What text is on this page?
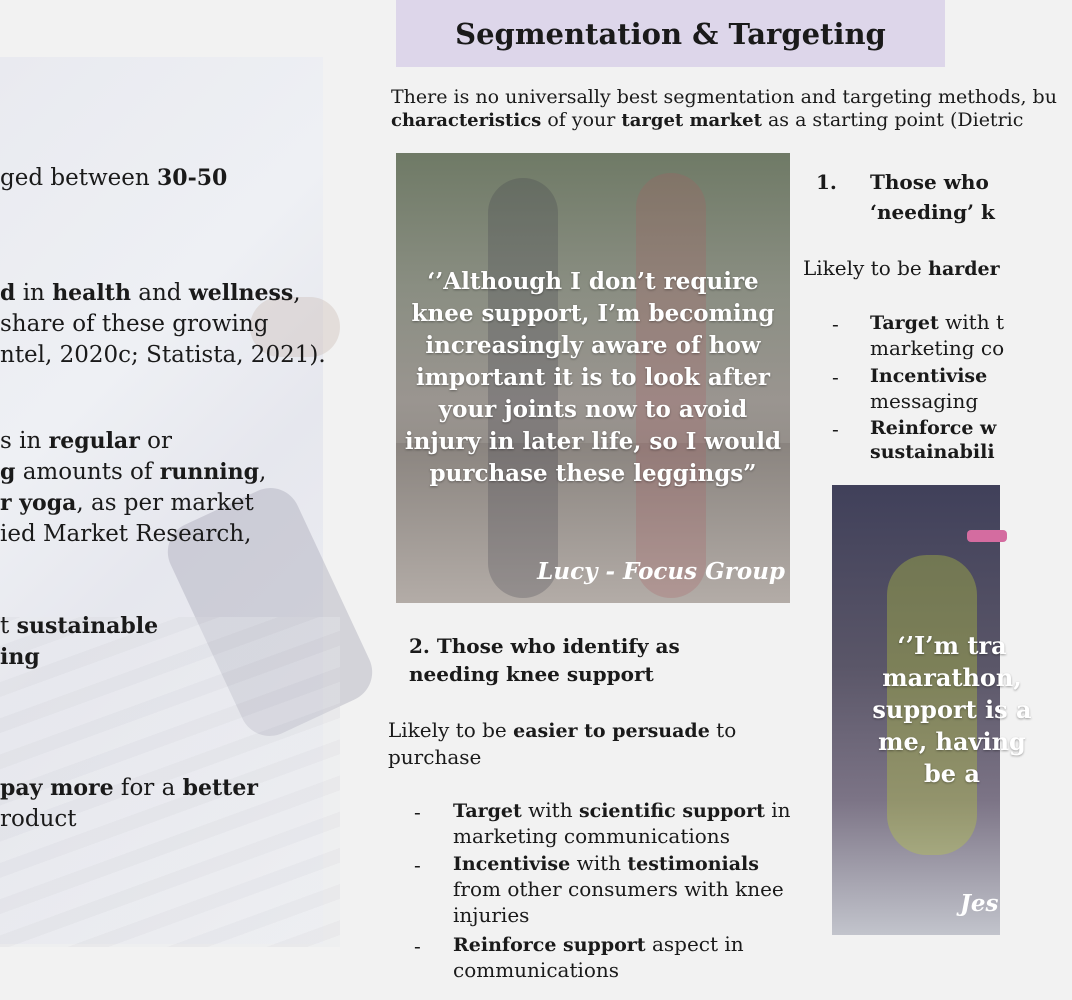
ged between 30-50
d in health and wellness,
share of these growing
ntel, 2020c; Statista, 2021).
s in regular or
g amounts of running,
r yoga, as per market
ied Market Research,
t sustainable
ing
pay more for a better
roduct
Segmentation & Targeting
There is no universally best segmentation and targeting methods, bu
characteristics of your target market as a starting point (Dietric
‘’Although I don’t require
knee support, I’m becoming
increasingly aware of how
important it is to look after
your joints now to avoid
injury in later life, so I would
purchase these leggings”
Lucy - Focus Group
1. Those who
‘needing’ k
Likely to be harder
- Target with t
marketing co
- Incentivise
messaging
- Reinforce w
sustainabili
2. Those who identify as
needing knee support
Likely to be easier to persuade to
purchase
- Target with scientific support in
marketing communications
- Incentivise with testimonials
from other consumers with knee
injuries
- Reinforce support aspect in
communications
‘’I’m tra
marathon,
support is a
me, having
be a
Jes
